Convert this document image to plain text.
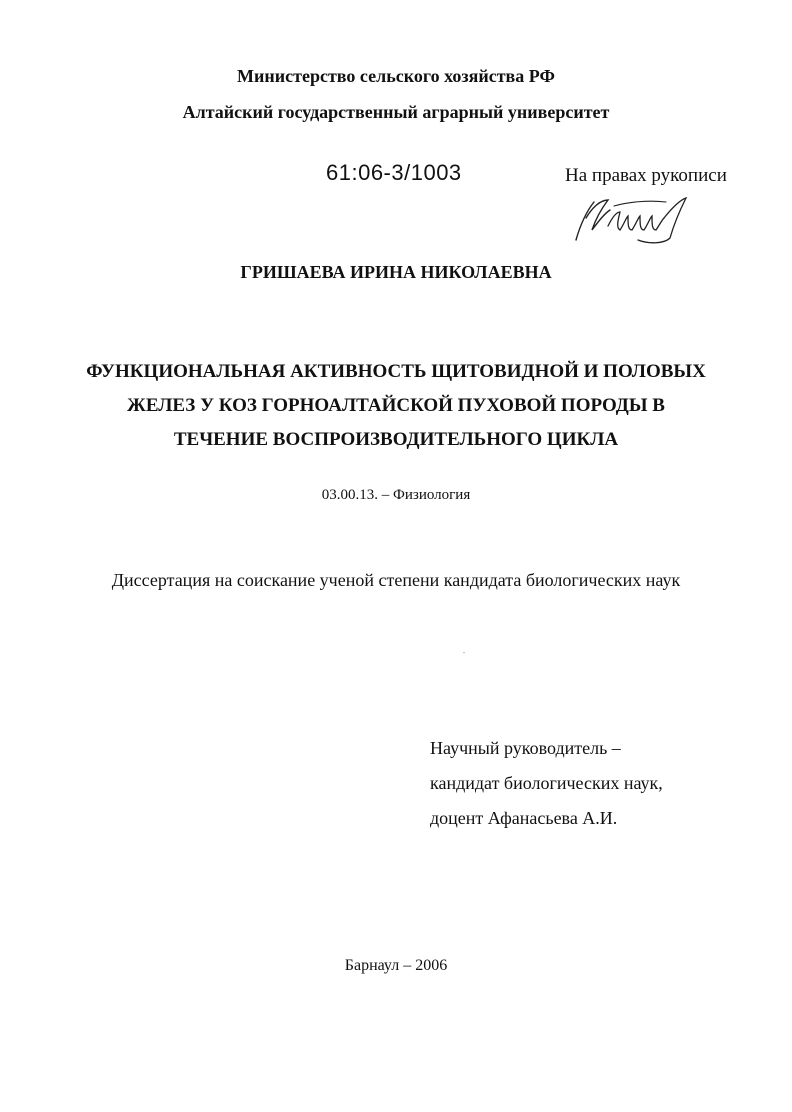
Министерство сельского хозяйства РФ
Алтайский государственный аграрный университет
61:06-3/1003	На правах рукописи
ГРИШАЕВА ИРИНА НИКОЛАЕВНА
ФУНКЦИОНАЛЬНАЯ АКТИВНОСТЬ ЩИТОВИДНОЙ И ПОЛОВЫХ
ЖЕЛЕЗ У КОЗ ГОРНОАЛТАЙСКОЙ ПУХОВОЙ ПОРОДЫ В
ТЕЧЕНИЕ ВОСПРОИЗВОДИТЕЛЬНОГО ЦИКЛА
03.00.13. – Физиология
Диссертация на соискание ученой степени кандидата биологических наук
Научный руководитель –
кандидат биологических наук,
доцент Афанасьева А.И.
Барнаул – 2006
